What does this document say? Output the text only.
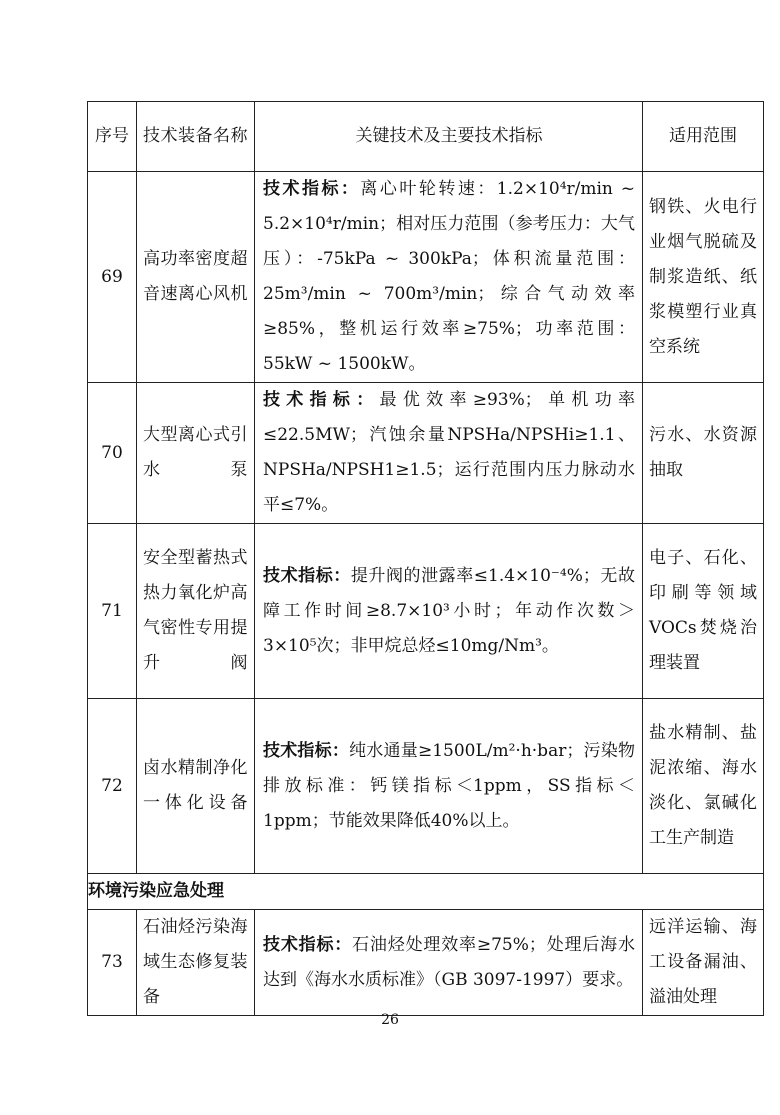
序号	技术装备名称	关键技术及主要技术指标	适用范围
69	高功率密度超音速离心风机	技术指标：离心叶轮转速：1.2×10⁴r/min ~ 5.2×10⁴r/min；相对压力范围（参考压力：大气压）：-75kPa ~ 300kPa；体积流量范围：25m³/min ~ 700m³/min；综合气动效率≥85%，整机运行效率≥75%；功率范围：55kW ~ 1500kW。	钢铁、火电行业烟气脱硫及制浆造纸、纸浆模塑行业真空系统
70	大型离心式引水泵	技术指标：最优效率≥93%；单机功率≤22.5MW；汽蚀余量NPSHa/NPSHi≥1.1、NPSHa/NPSH1≥1.5；运行范围内压力脉动水平≤7%。	污水、水资源抽取
71	安全型蓄热式热力氧化炉高气密性专用提升阀	技术指标：提升阀的泄露率≤1.4×10⁻⁴%；无故障工作时间≥8.7×10³小时；年动作次数＞3×10⁵次；非甲烷总烃≤10mg/Nm³。	电子、石化、印刷等领域VOCs焚烧治理装置
72	卤水精制净化一体化设备	技术指标：纯水通量≥1500L/m²·h·bar；污染物排放标准：钙镁指标＜1ppm，SS指标＜1ppm；节能效果降低40%以上。	盐水精制、盐泥浓缩、海水淡化、氯碱化工生产制造
环境污染应急处理			
73	石油烃污染海域生态修复装备	技术指标：石油烃处理效率≥75%；处理后海水达到《海水水质标准》（GB 3097-1997）要求。	远洋运输、海工设备漏油、溢油处理
26
